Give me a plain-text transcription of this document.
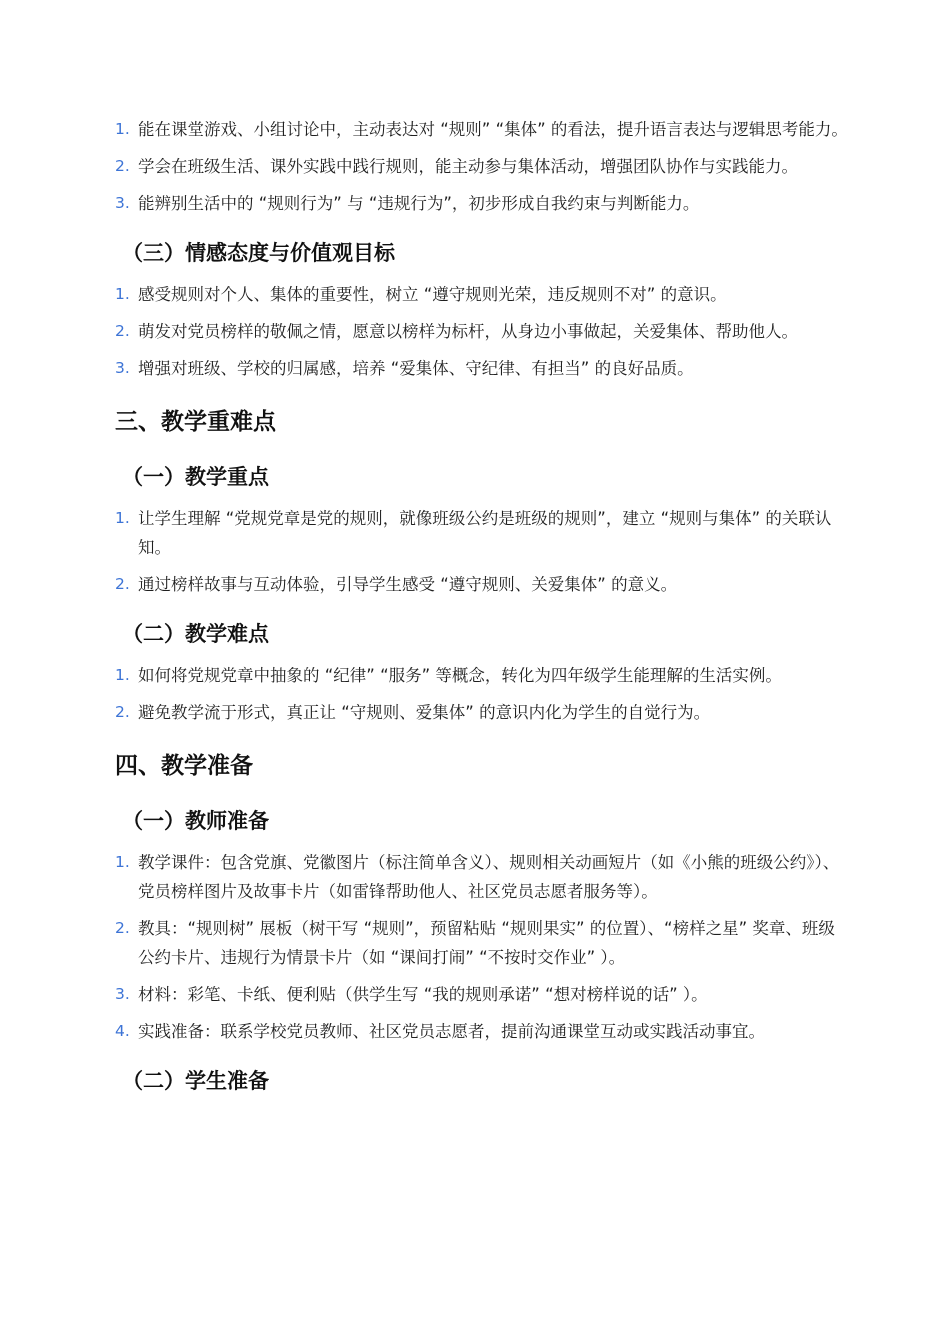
1. 能在课堂游戏、小组讨论中，主动表达对 “规则” “集体” 的看法，提升语言表达与逻辑思考能力。
2. 学会在班级生活、课外实践中践行规则，能主动参与集体活动，增强团队协作与实践能力。
3. 能辨别生活中的 “规则行为” 与 “违规行为”，初步形成自我约束与判断能力。
（三）情感态度与价值观目标
1. 感受规则对个人、集体的重要性，树立 “遵守规则光荣，违反规则不对” 的意识。
2. 萌发对党员榜样的敬佩之情，愿意以榜样为标杆，从身边小事做起，关爱集体、帮助他人。
3. 增强对班级、学校的归属感，培养 “爱集体、守纪律、有担当” 的良好品质。
三、教学重难点
（一）教学重点
1. 让学生理解 “党规党章是党的规则，就像班级公约是班级的规则”，建立 “规则与集体” 的关联认知。
2. 通过榜样故事与互动体验，引导学生感受 “遵守规则、关爱集体” 的意义。
（二）教学难点
1. 如何将党规党章中抽象的 “纪律” “服务” 等概念，转化为四年级学生能理解的生活实例。
2. 避免教学流于形式，真正让 “守规则、爱集体” 的意识内化为学生的自觉行为。
四、教学准备
（一）教师准备
1. 教学课件：包含党旗、党徽图片（标注简单含义）、规则相关动画短片（如《小熊的班级公约》）、党员榜样图片及故事卡片（如雷锋帮助他人、社区党员志愿者服务等）。
2. 教具：“规则树” 展板（树干写 “规则”，预留粘贴 “规则果实” 的位置）、“榜样之星” 奖章、班级公约卡片、违规行为情景卡片（如 “课间打闹” “不按时交作业” ）。
3. 材料：彩笔、卡纸、便利贴（供学生写 “我的规则承诺” “想对榜样说的话” ）。
4. 实践准备：联系学校党员教师、社区党员志愿者，提前沟通课堂互动或实践活动事宜。
（二）学生准备
